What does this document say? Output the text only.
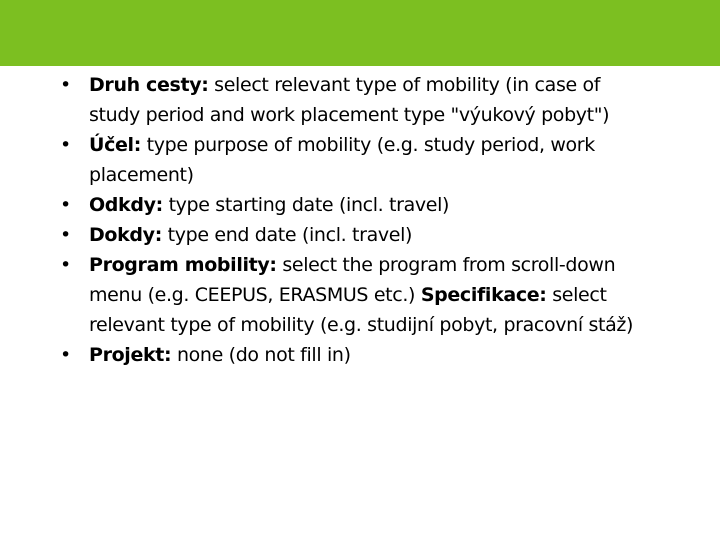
• Druh cesty: select relevant type of mobility (in case of
study period and work placement type "výukový pobyt")
• Účel: type purpose of mobility (e.g. study period, work
placement)
• Odkdy: type starting date (incl. travel)
• Dokdy: type end date (incl. travel)
• Program mobility: select the program from scroll-down
menu (e.g. CEEPUS, ERASMUS etc.) Specifikace: select
relevant type of mobility (e.g. studijní pobyt, pracovní stáž)
• Projekt: none (do not fill in)
